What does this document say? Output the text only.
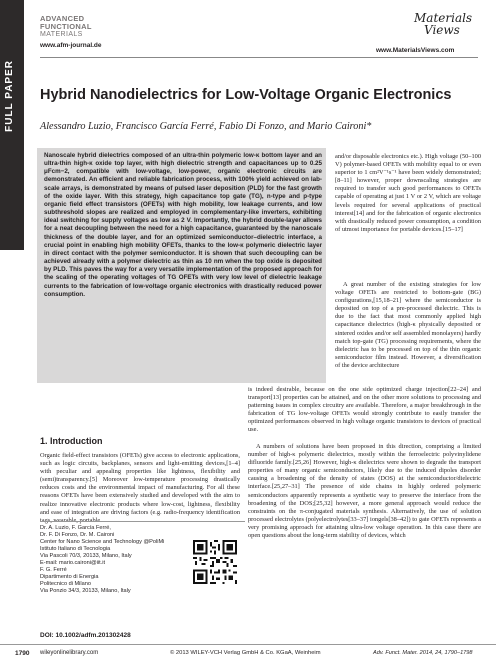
FULL PAPER
ADVANCED
FUNCTIONAL
MATERIALS
www.afm-journal.de
Materials
Views
www.MaterialsViews.com
Hybrid Nanodielectrics for Low-Voltage Organic Electronics
Alessandro Luzio, Francisco García Ferré, Fabio Di Fonzo, and Mario Caironi*

Nanoscale hybrid dielectrics composed of an ultra-thin polymeric low-κ bottom layer and an ultra-thin high-κ oxide top layer, with high dielectric strength and capacitances up to 0.25 μFcm−2, compatible with low-voltage, low-power, organic electronic circuits are demonstrated. An efficient and reliable fabrication process, with 100% yield achieved on lab-scale arrays, is demonstrated by means of pulsed laser deposition (PLD) for the fast growth of the oxide layer. With this strategy, high capacitance top gate (TG), n-type and p-type organic field effect transistors (OFETs) with high mobility, low leakage currents, and low subthreshold slopes are realized and employed in complementary-like inverters, exhibiting ideal switching for supply voltages as low as 2 V. Importantly, the hybrid double-layer allows for a neat decoupling between the need for a high capacitance, guaranteed by the nanoscale thickness of the double layer, and for an optimized semiconductor–dielectric interface, a crucial point in enabling high mobility OFETs, thanks to the low-κ polymeric dielectric layer in direct contact with the polymer semiconductor. It is shown that such decoupling can be achieved already with a polymer dielectric as thin as 10 nm when the top oxide is deposited by PLD. This paves the way for a very versatile implementation of the proposed approach for the scaling of the operating voltages of TG OFETs with very low level of dielectric leakage currents to the fabrication of low-voltage organic electronics with drastically reduced power consumption.

and/or disposable electronics etc.). High voltage (50–100 V) polymer-based OFETs with mobility equal to or even superior to 1 cm²V⁻¹s⁻¹ have been widely demonstrated;[8–11] however, proper downscaling strategies are required to transfer such good performances to OFETs capable of operating at just 1 V or 2 V, which are voltage levels required for several applications of practical interest[14] and for the fabrication of organic electronics with drastically reduced power consumption, a condition of utmost importance for portable devices.[15–17]

A great number of the existing strategies for low voltage OFETs are restricted to bottom-gate (BG) configurations,[15,18–21] where the semiconductor is deposited on top of a pre-processed dielectric. This is due to the fact that most commonly applied high capacitance dielectrics (high-κ physically deposited or sintered oxides and/or self assembled monolayers) hardly match top-gate (TG) processing requirements, where the dielectric has to be processed on top of the thin organic semiconductor film instead. However, a diversification of the device architecture

1. Introduction

Organic field-effect transistors (OFETs) give access to electronic applications, such as logic circuits, backplanes, sensors and light-emitting devices,[1–4] with peculiar and appealing properties like lightness, flexibility and (semi)transparency.[5] Moreover low-temperature processing drastically reduces costs and the environmental impact of manufacturing. For all these reasons OFETs have been extensively studied and developed with the aim to realize innovative electronic products where low-cost, lightness, flexibility and ease of integration are driving factors (e.g. radio-frequency identification

is indeed desirable, because on the one side optimized charge injection[22–24] and transport[13] properties can be attained, and on the other more solutions to processing and patterning issues in complex circuitry are available. Therefore, a major breakthrough in the fabrication of TG low-voltage OFETs would strongly contribute to easily transfer the optimized performances observed in high voltage organic transistors to devices of practical use.

A numbers of solutions have been proposed in this direction, comprising a limited number of high-κ polymeric dielectrics, mostly within the ferroelectric polyvinylidene difluoride family.[25,26] However, high-κ dielectrics were shown to degrade the transport properties of many organic semiconductors, likely due to the induced dipoles disorder causing a broadening of the density of states (DOS) at the semiconductor/dielectric interface.[25,27–31] The presence of side chains in highly ordered polymeric semiconductors apparently represents a synthetic way to preserve the interface from the broadening of the DOS;[25,32] however, a more general approach would reduce the constraints on the π-conjugated materials synthesis. Alternatively, the use of solution processed electrolytes (polyelectrolytes[33–37] iongels[38–42]) to gate OFETs represents a very promising approach for attaining ultra-low voltage operation. In this case there are open questions about the long-term stability of devices, which

Dr. A. Luzio, F. García Ferré,
Dr. F. Di Fonzo, Dr. M. Caironi
Center for Nano Science and Technology @PoliMi
Istituto Italiano di Tecnologia
Via Pascoli 70/3, 20133, Milano, Italy
E-mail: mario.caironi@iit.it
F. G. Ferré
Dipartimento di Energia
Politecnico di Milano
Via Ponzio 34/3, 20133, Milano, Italy
DOI: 10.1002/adfm.201302428
1790 wileyonlinelibrary.com	© 2013 WILEY-VCH Verlag GmbH & Co. KGaA, Weinheim	Adv. Funct. Mater. 2014, 24, 1790–1798
